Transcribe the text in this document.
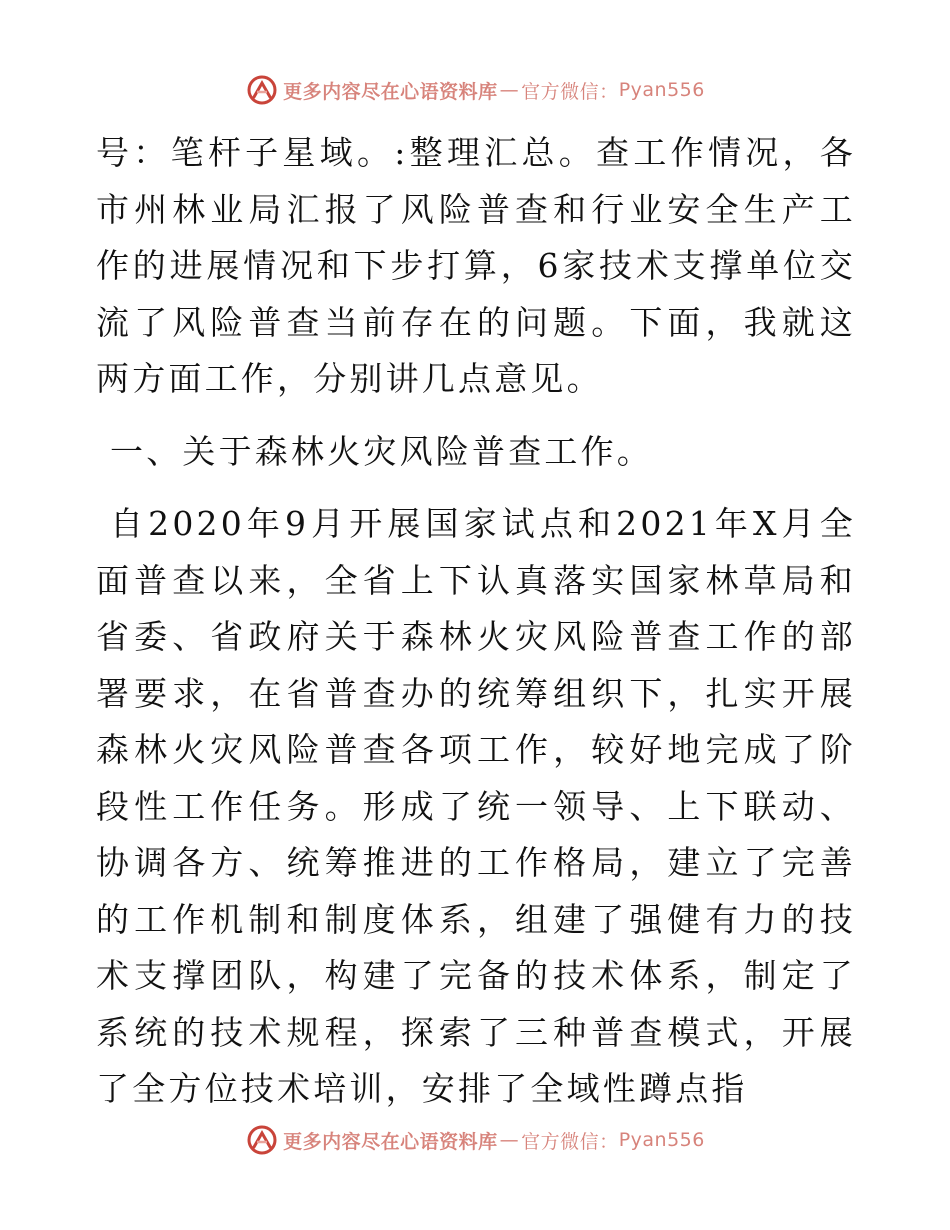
更多内容尽在心语资料库 — 官方微信： Pyan556

号：笔杆子星域。:整理汇总。查工作情况，各市州林业局汇报了风险普查和行业安全生产工作的进展情况和下步打算，6家技术支撑单位交流了风险普查当前存在的问题。下面，我就这两方面工作，分别讲几点意见。

一、关于森林火灾风险普查工作。

自2020年9月开展国家试点和2021年X月全面普查以来，全省上下认真落实国家林草局和省委、省政府关于森林火灾风险普查工作的部署要求，在省普查办的统筹组织下，扎实开展森林火灾风险普查各项工作，较好地完成了阶段性工作任务。形成了统一领导、上下联动、协调各方、统筹推进的工作格局，建立了完善的工作机制和制度体系，组建了强健有力的技术支撑团队，构建了完备的技术体系，制定了系统的技术规程，探索了三种普查模式，开展了全方位技术培训，安排了全域性蹲点指

更多内容尽在心语资料库 — 官方微信： Pyan556
